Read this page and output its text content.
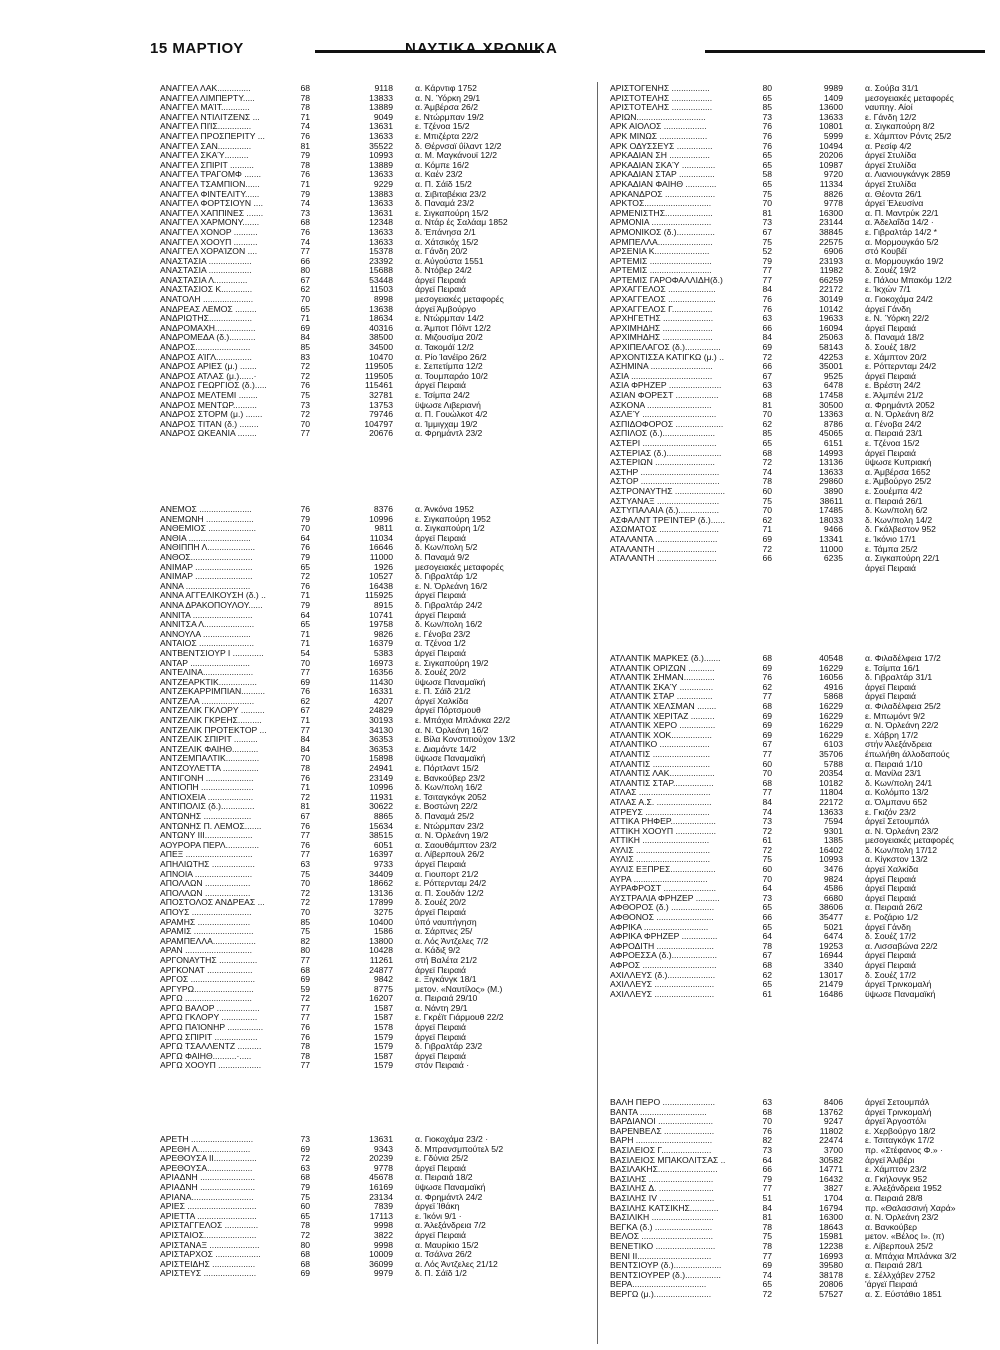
15 ΜΑΡΤΙΟΥ	ΝΑΥΤΙΚΑ ΧΡΟΝΙΚΑ
ΑΝΑΓΓΕΛ ΛΑΚ..............	68	9118	α. Κάρντιφ 1752
ΑΝΑΓΓΕΛ ΛΙΜΠΕΡΤΥ.....	78	13833	α. Ν. Ύόρκη 29/1
ΑΝΑΓΓΕΛ ΜΑΊΤ............	78	13889	α. Άμβέρσα 26/2
ΑΝΑΓΓΕΛ ΝΤΙΛΙΤΖΕΝΣ ...	71	9049	ε. Ντώρμπαν 19/2
ΑΝΑΓΓΕΛ ΠΙΊΣ..............	74	13631	ε. Τζένοα 15/2
ΑΝΑΓΓΕΛ ΠΡΟΣΠΕΡΙΤΥ ...	76	13633	ε. Μπιζέρτα 22/2
ΑΝΑΓΓΕΛ ΣΑΝ..............	81	35522	δ. Θέρνσαϊ ΰίλαντ 12/2
ΑΝΑΓΓΕΛ ΣΚΑΎ..........	79	10993	α. Μ. Μαγκάνουϊ 12/2
ΑΝΑΓΓΕΛ ΣΠΙΡΙΤ ..........	78	13889	α. Κόμπε 16/2
ΑΝΑΓΓΕΛ ΤΡΑΓΟΜΦ .......	76	13633	α. Καέν 23/2
ΑΝΑΓΓΕΛ ΤΣΑΜΠΙΟΝ......	71	9229	α. Π. Σάϊδ 15/2
ΑΝΑΓΓΕΛ ΦΙΝΤΕΛΙΤΥ......	79	13883	α. Σιβιταβέκια 23/2
ΑΝΑΓΓΕΛ ΦΟΡΤΣΙΟΥΝ ....	74	13633	δ. Παναμά 23/2
ΑΝΑΓΓΕΛ ΧΑΠΠΙΝΕΣ .......	73	13631	ε. Σιγκαπούρη 15/2
ΑΝΑΓΓΕΛ ΧΑΡΜΟΝΥ.......	68	12348	α. Ντάρ ές Σαλάαμ 1852
ΑΝΑΓΓΕΛ ΧΟΝΟΡ ..........	76	13633	δ. Έπάνησα 2/1
ΑΝΑΓΓΕΛ ΧΟΟΥΠ ..........	74	13633	α. Χάτσικόχ 15/2
ΑΝΑΓΓΕΛ ΧΟΡΑΊΖΟΝ ....	77	15378	α. Γάνδη 20/2
ΑΝΑΣΤΑΣΙΑ ..................	66	23392	α. Αύγούστα 1551
ΑΝΑΣΤΑΣΙΑ ..................	80	15688	δ. Ντόβερ 24/2
ΑΝΑΣΤΑΣΙΑ Λ..............	67	53448	άργεϊ Πειραιά
ΑΝΑΣΤΑΣΙΟΣ Κ.............	62	11503	άργεϊ Πειραιά
ΑΝΑΤΟΛΗ .....................	70	8998	μεσογειακές μεταφορές
ΑΝΔΡΕΑΣ ΛΕΜΟΣ .........	65	13638	άργεϊ Άμβούργο
ΑΝΔΡΙΩΤΗΣ..................	71	18634	ε. Ντώρμπαν 14/2
ΑΝΔΡΟΜΑΧΗ.................	69	40316	α. Άμποτ Πόϊντ 12/2
ΑΝΔΡΟΜΕΔΑ (δ.)...........	84	38500	α. Μιζουσίμα 20/2
ΑΝΔΡΟΣ.......................	85	34500	α. Τακομάϊ 12/2
ΑΝΔΡΟΣ ΑΊΓΛ...............	83	10470	α. Ρίο Ίανέϊρο 26/2
ΑΝΔΡΟΣ ΑΡΙΕΣ (μ.) .......	72	119505	ε. Σεπετίμπα 12/2
ΑΝΔΡΟΣ ΑΤΛΑΣ (μ.)......·	72	119505	α. Τουμπαράο 10/2
ΑΝΔΡΟΣ ΓΕΩΡΓΙΟΣ (δ.).....	76	115461	άργεϊ Πειραιά
ΑΝΔΡΟΣ ΜΕΛΤΕΜΙ ........	75	32781	ε. Τσίμπα 24/2
ΑΝΔΡΟΣ ΜΕΝΤΩΡ..........	73	13753	ϋψωσε Λιβεριανή
ΑΝΔΡΟΣ ΣΤΟΡΜ (μ.) .......	72	79746	α. Π. Γουώλκοτ 4/2
ΑΝΔΡΟΣ ΤΙΤΑΝ (δ.) ........	70	104797	α. Ίμμιγχαμ 19/2
ΑΝΔΡΟΣ ΩΚΕΑΝΙΑ ........	77	20676	α. Φρημάντλ 23/2
ΑΝΕΜΟΣ ......................	76	8376	α. Άνκόνα 1952
ΑΝΕΜΩΝΗ ....................	79	10996	ε. Σιγκαπούρη 1952
ΑΝΘΕΜΙΟΣ ....................	70	9811	α. Σιγκαπούρη 1/2
ΑΝΘΙΑ ..........................	64	11034	άργεϊ Πειραιά
ΑΝΘΙΠΠΗ Λ....................	76	16646	δ. Κων/πολη 5/2
ΑΝΘΟΣ..........................	79	11000	δ. Παναμά 9/2
ΑΝΙΜΑΡ ........................	65	1926	μεσογειακές μεταφορές
ΑΝΙΜΑΡ ........................	72	10527	δ. Γιβραλτάρ 1/2
ΑΝΝΑ ...........................	76	16438	ε. Ν. Όρλεάνη 16/2
ΑΝΝΑ ΑΓΓΕΛΙΚΟΥΣΗ (δ.) ..	71	115925	άργεϊ Πειραιά
ΑΝΝΑ ΔΡΑΚΟΠΟΥΛΟΥ......	79	8915	δ. Γιβραλτάρ 24/2
ΑΝΝΙΤΑ .........................	64	10741	άργεϊ Πειραιά
ΑΝΝΙΤΣΑ Λ.....................	65	19758	δ. Κων/πολη 16/2
ΑΝΝΟΥΛΑ ....................	71	9826	ε. Γένοβα 23/2
ΑΝΤΑΙΟΣ .......................	71	16379	α. Τζένοα 1/2
ΑΝΤΒΕΝΤΣΙΟΥΡ Ι .............	54	5383	άργεϊ Πειραιά
ΑΝΤΑΡ .........................	70	16973	ε. Σιγκαπούρη 19/2
ΑΝΤΕΛΙΝΑ.....................	77	16356	δ. Σουέζ 20/2
ΑΝΤΖΕΑΡΚΤΙΚ................	69	11430	ϋψωσε Παναμαϊκή
ΑΝΤΖΕΚΑΡΡΙΜΠΙΑΝ..........	76	16331	ε. Π. Σάϊδ 21/2
ΑΝΤΖΕΛΑ ......................	62	4207	άργεϊ Χαλκίδα
ΑΝΤΖΕΛΙΚ ΓΚΛΟΡΥ ..........	67	24829	άργεϊ Πόρτσμουθ
ΑΝΤΖΕΛΙΚ ΓΚΡΕΗΣ..........	71	30193	ε. Μπάχια Μπλάνκα 22/2
ΑΝΤΖΕΛΙΚ ΠΡΟΤΕΚΤΟΡ ...	77	34130	α. Ν. Όρλεάνη 16/2
ΑΝΤΖΕΛΙΚ ΣΠΙΡΙΤ ..........	84	36353	ε. Βίλα Κονστιτιούχον 13/2
ΑΝΤΖΕΛΙΚ ΦΑΙΗΘ...........	84	36353	ε. Διαμάντε 14/2
ΑΝΤΖΕΜΠΑΛΤΙΚ..............	70	15898	ϋψωσε Παναμαϊκή
ΑΝΤΖΟΥΛΕΤΤΑ ...............	78	24941	ε. Πόρτλαντ 15/2
ΑΝΤΙΓΟΝΗ ....................	76	23149	ε. Βανκούβερ 23/2
ΑΝΤΙΟΠΗ ......................	71	10996	δ. Κων/πολη 16/2
ΑΝΤΙΟΧΕΙΑ ...................	72	11931	ε. Τσιταγκόγκ 2052
ΑΝΤΙΠΟΛΙΣ (δ.)..............	81	30622	ε. Βοστώνη 22/2
ΑΝΤΩΝΗΣ ....................	67	8865	δ. Παναμά 25/2
ΑΝΤΩΝΗΣ Π. ΛΕΜΟΣ.......	76	15634	ε. Ντώρμπαν 23/2
ΑΝΤΩΝΥ ΙΙΙ....................	77	38515	α. Ν. Όρλεάνη 19/2
ΑΟΥΡΟΡΑ ΠΕΡΛ..............	76	6051	α. Σαουθάμπτον 23/2
ΑΠΕΞ ............................	77	16397	α. Λίβερπουλ 26/2
ΑΠΗΛΙΩΤΗΣ ..................	63	9733	άργεϊ Πειραιά
ΑΠΝΟΙΑ ........................	75	34409	α. Γιουπορτ 21/2
ΑΠΟΛΛΩΝ ...................	70	18662	ε. Ρόττερνταμ 24/2
ΑΠΟΛΛΩΝ ...................	72	13136	α. Π. Σουδάν 12/2
ΑΠΟΣΤΟΛΟΣ ΑΝΔΡΕΑΣ ...	72	17899	δ. Σουέζ 20/2
ΑΠΟΥΣ .........................	70	3275	άργεϊ Πειραιά
ΑΡΑΜΗΣ ......................	85	10400	ύπό ναυπήγηση
ΑΡΑΜΙΣ .........................	75	1586	α. Σάρπνες 25/
ΑΡΑΜΠΕΛΛΑ..................	82	13800	α. Λός Άντζελες 7/2
ΑΡΑΝ ............................	80	10428	α. Κάδιξ 9/2
ΑΡΓΟΝΑΥΤΗΣ ................	77	11261	στή Βαλέτα 21/2
ΑΡΓΚΟΝΑΤ ...................	68	24877	άργεϊ Πειραιά
ΑΡΓΟΣ ...........................	69	9842	ε. Ξιγκάνγκ 18/1
ΑΡΓΥΡΩ.........................	59	8775	μετον. «Ναυτίλος» (Μ.)
ΑΡΓΩ ............................	72	16207	α. Πειραιά 29/10
ΑΡΓΩ ΒΑΛΟΡ ..................	77	1587	α. Νάντη 29/1
ΑΡΓΩ ΓΚΛΟΡΥ ...............	77	1587	ε. Γκρέϊτ Γιάρμουθ 22/2
ΑΡΓΩ ΠΑΊΟΝΗΡ ...............	76	1578	άργεϊ Πειραιά
ΑΡΓΩ ΣΠΙΡΙΤ ..................	76	1579	άργεϊ Πειραιά
ΑΡΓΩ ΤΣΑΛΛΕΝΤΖ ..........	78	1579	δ. Γιβραλτάρ 23/2
ΑΡΓΩ ΦΑΙΗΘ..........·.....	78	1587	άργεϊ Πειραιά
ΑΡΓΩ ΧΟΟΥΠ ..................	77	1579	στόν Πειραιά ·
ΑΡΕΤΗ ..........................	73	13631	α. Γιοκοχάμα 23/2 ·
ΑΡΕΘΗ Λ......................	69	9343	δ. Μπρανσμπούτελ 5/2
ΑΡΕΘΟΥΣΑ ΙΙ..................	72	20239	ε. Γδύνια 25/2
ΑΡΕΘΟΥΣΑ...................	63	9778	άργεϊ Πειραιά
ΑΡΙΑΔΝΗ .......................	68	45678	α. Πειραιά 18/2
ΑΡΙΑΔΝΗ .......................	79	16169	ϋψωσε Παναμαϊκή
ΑΡΙΑΝΑ..........................	75	23134	α. Φρημάντλ 24/2
ΑΡΙΕΣ .............................	60	7839	άργεϊ Ίθάκη
ΑΡΙΕΤΤΑ .........................	65	17113	ε. Ίκόνι 9/1 ·
ΑΡΙΣΤΑΓΓΕΛΟΣ ..............	78	9998	α. Άλεξάνδρεια 7/2
ΑΡΙΣΤΑΙΟΣ......................	72	3822	άργεϊ Πειραιά
ΑΡΙΣΤΑΝΑΞ .....................	80	9998	α. Μαυρίκιο 15/2
ΑΡΙΣΤΑΡΧΟΣ ...................	68	10009	α. Τσάλνα 26/2
ΑΡΙΣΤΕΙΔΗΣ ..................	68	36099	α. Λός Άντζελες 21/12
ΑΡΙΣΤΕΥΣ ......................	69	9979	δ. Π. Σάϊδ 1/2
ΑΡΙΣΤΟΓΕΝΗΣ ................	80	9989	α. Σούβα 31/1
ΑΡΙΣΤΟΤΕΛΗΣ .................	65	1409	μεσογειακές μεταφορές
ΑΡΙΣΤΟΤΕΛΗΣ .................	85	13600	ναυπηγ. Αίοί
ΑΡΙΩΝ.............................	73	13633	ε. Γάνδη 12/2
ΑΡΚ ΑΙΟΛΟΣ ..................	76	10801	α. Σιγκαπούρη 8/2
ΑΡΚ ΜΙΝΩΣ ....................	76	5999	ε. Χάμπτον Ρόντς 25/2
ΑΡΚ ΟΔΥΣΣΕΥΣ ...............	76	10494	α. Ρεσίφ 4/2
ΑΡΚΑΔΙΑΝ ΣΗ .................	65	20206	άργεϊ Στυλίδα
ΑΡΚΑΔΙΑΝ ΣΚΑΎ ..............	65	10987	άργεϊ Στυλίδα
ΑΡΚΑΔΙΑΝ ΣΤΑΡ ...............	58	9720	α. Λιανιουγκάνγκ 2859
ΑΡΚΑΔΙΑΝ ΦΑΙΗΘ .............	65	11334	άργεϊ Στυλίδα
ΑΡΚΑΝΔΡΟΣ .....................	75	8826	α. Θέοντα 26/1
ΑΡΚΤΟΣ............................	70	9778	άργεϊ Έλευσίνα
ΑΡΜΕΝΙΣΤΗΣ....................	81	16300	α. Π. Μαντρύκ 22/1
ΑΡΜΟΝΙΑ .........................	73	23144	α. Άδελαΐδα 14/2 ·
ΑΡΜΟΝΙΚΟΣ (δ.)................	67	38845	ε. Γιβραλτάρ 14/2 *
ΑΡΜΠΕΛΛΑ.......................	75	22575	α. Μορμουγκάο 5/2
ΑΡΣΕΝΙΑ Κ.......................	52	6906	στό Κουβέϊ
ΑΡΤΕΜΙΣ ..........................	79	23193	α. Μορμουγκάο 19/2
ΑΡΤΕΜΙΣ ..........................	77	11982	δ. Σουέζ 19/2
ΑΡΤΕΜΙΣ ΓΑΡΟΦΑΛΛΙΔΗ(δ.)	77	66259	ε. Πάλου Μπακόμ 12/2
ΑΡΧΑΓΓΕΛΟΣ ....................	84	22172	ε. Ίκχών 7/1
ΑΡΧΑΓΓΕΛΟΣ ....................	76	30149	α. Γιοκοχάμα 24/2
ΑΡΧΑΓΓΕΛΟΣ Γ.................	76	10142	άργεϊ Γάνδη
ΑΡΧΗΓΕΤΗΣ .....................	63	19633	ε. Ν. Ύόρκη 22/2
ΑΡΧΙΜΗΔΗΣ .....................	66	16094	άργεϊ Πειραιά
ΑΡΧΙΜΗΔΗΣ .....................	84	25063	δ. Παναμά 18/2
ΑΡΧΙΠΕΛΑΓΟΣ (δ.)...............	69	58143	δ. Σουέζ 18/2
ΑΡΧΟΝΤΙΣΣΑ ΚΑΤΙΓΚΩ (μ.) ..	72	42253	ε. Χάμπτον 20/2
ΑΣΗΜΙΝΑ ..........................	66	35001	ε. Ρόττερνταμ 24/2
ΑΣΙΑ ..................................	67	9525	άργεϊ Πειραιά
ΑΣΙΑ ΦΡΗΖΕΡ ......................	63	6478	ε. Βρέστη 24/2
ΑΣΙΑΝ ΦΟΡΕΣΤ ..................	68	17458	ε. Άλμπένι 21/2
ΑΣΚΟΝΑ ...........................	81	30500	α. Φρημάντλ 2052
ΑΣΛΕΎ ...............................	70	13363	α. Ν. Όρλεάνη 8/2
ΑΣΠΙΔΟΦΟΡΟΣ ....................	62	8786	α. Γένοβα 24/2
ΑΣΠΙΛΟΣ (δ.)......................	85	45065	α. Πειραιά 23/1
ΑΣΤΕΡΙ ...............................	65	6151	ε. Τζένοα 15/2
ΑΣΤΕΡΙΑΣ (δ.).......................	68	14993	άργεϊ Πειραιά
ΑΣΤΕΡΙΩΝ .........................	72	13136	ϋψωσε Κυπριακή
ΑΣΤΗΡ .................................	74	13633	α. Άμβέρσα 1652
ΑΣΤΟΡ .................................	78	29860	ε. Άμβούργο 25/2
ΑΣΤΡΟΝΑΥΤΗΣ .....................	60	3890	ε. Σουέμπα 4/2
ΑΣΤΥΑΝΑΞ ..........................	75	38611	α. Πειραιά 26/1
ΑΣΤΥΠΑΛΑΙΑ (δ.).................	70	17485	δ. Κων/πολη 6/2
ΑΣΦΑΛΝΤ ΤΡΕΊΝΤΕΡ (δ.)......	62	18033	δ. Κων/πολη 14/2
ΑΣΩΜΑΤΟΣ .........................	71	9466	δ. Γκάλβεστον 952
ΑΤΑΛΑΝΤΑ ..........................	69	13341	ε. Ίκόνιο 17/1
ΑΤΑΛΑΝΤΗ .........................	72	11000	ε. Τάμπα 25/2
ΑΤΑΛΑΝΤΗ .........................	66	6235	α. Σιγκαπούρη 22/1
άργεϊ Πειραιά
ΑΤΛΑΝΤΙΚ ΜΑΡΚΕΣ (δ.).......	68	40548	α. Φιλαδέλφεια 17/2
ΑΤΛΑΝΤΙΚ ΟΡΙΖΩΝ ...........	69	16229	ε. Τσίμπα 16/1
ΑΤΛΑΝΤΙΚ ΣΗΜΑΝ.............	76	16056	δ. Γιβραλτάρ 31/1
ΑΤΛΑΝΤΙΚ ΣΚΑΎ ..............	62	4916	άργεϊ Πειραιά
ΑΤΛΑΝΤΙΚ ΣΤΑΡ ...............	77	5868	άργεϊ Πειραιά
ΑΤΛΑΝΤΙΚ ΧΕΛΣΜΑΝ ........	68	16229	α. Φιλαδέλφεια 25/2
ΑΤΛΑΝΤΙΚ ΧΕΡΙΤΑΖ ..........	69	16229	ε. Μπωμόντ 9/2
ΑΤΛΑΝΤΙΚ ΧΕΡΟ ...............	69	16229	α. Ν. Όρλεάνη 22/2
ΑΤΛΑΝΤΙΚ ΧΟΚ.................	69	16229	ε. Χάβρη 17/2
ΑΤΛΑΝΤΙΚΟ .....................	67	6103	στήν Άλεξάνδρεια
ΑΤΛΑΝΤΙΣ ........................	77	35706	έπωλήθη άλλοδαπούς
ΑΤΛΑΝΤΙΣ ........................	60	5788	α. Πειραιά 1/10
ΑΤΛΑΝΤΙΣ ΛΑΚ...................	70	20354	α. Μανίλα 23/1
ΑΤΛΑΝΤΙΣ ΣΤΑΡ.................	68	10182	δ. Κων/πολη 24/1
ΑΤΛΑΣ ..............................	77	11804	α. Κολόμπο 13/2
ΑΤΛΑΣ Α.Σ. .......................	84	22172	α. Όλμπανυ 652
ΑΤΡΕΥΣ ...........................	74	13633	ε. Γκιζόν 23/2
ΑΤΤΙΚΑ ΡΗΦΕΡ...................	73	7594	άργεϊ Σετουμπάλ
ΑΤΤΙΚΗ ΧΟΟΥΠ .................	72	9301	α. Ν. Όρλεάνη 23/2
ΑΤΤΙΚΗ ............................	61	1385	μεσογειακές μεταφορές
ΑΥΛΙΣ ...............................	72	16402	δ. Κων/πολη 17/12
ΑΥΛΙΣ ...............................	75	10993	α. Κίγκστον 13/2
ΑΥΛΙΣ ΕΞΠΡΕΣ...................	60	3476	άργεϊ Χαλκίδα
ΑΥΡΑ ...............................	70	9824	άργεϊ Πειραιά
ΑΥΡΑΦΡΟΣΤ ......................	64	4586	άργεϊ Πειραιά
ΑΥΣΤΡΑΛΙΑ ΦΡΗΖΕΡ ..........	73	6680	άργεϊ Πειραιά
ΑΦΘΟΡΟΣ (δ.) ..................	65	38606	α. Πειραιά 26/2
ΑΦΘΟΝΟΣ ........................	66	35477	ε. Ροζάριο 1/2
ΑΦΡΙΚΑ ...........................	65	5021	άργεϊ Γάνδη
ΑΦΡΙΚΑ ΦΡΗΖΕΡ ...............	64	6474	δ. Σουέζ 17/2
ΑΦΡΟΔΙΤΗ ........................	78	19253	α. Λισσαβώνα 22/2
ΑΦΡΟΕΣΣΑ (δ.)...................	67	16944	άργεϊ Πειραιά
ΑΦΡΟΣ ...............................	68	3340	άργεϊ Πειραιά
ΑΧΙΛΛΕΥΣ (δ.)....................	62	13017	δ. Σουέζ 17/2
ΑΧΙΛΛΕΥΣ .........................	65	21479	άργεϊ Τρινκομαλή
ΑΧΙΛΛΕΥΣ .........................	61	16486	ϋψωσε Παναμαϊκή
ΒΑΛΗ ΠΕΡΟ ......................	63	8406	άργεϊ Σετουμπάλ
ΒΑΝΤΑ ............................	68	13762	άργεϊ Τρινκομαλή
ΒΑΡΔΙΑΝΟΙ .......................	70	9247	άργεϊ Άργοστόλι
ΒΑΡΕΝΒΕΛΣ .....................	76	11802	ε. Χερβούργο 18/2
ΒΑΡΗ ................................	82	22474	ε. Τσιταγκόγκ 17/2
ΒΑΣΙΛΕΙΟΣ Γ.....................	73	3700	πρ. «Στέφανος Φ.» ·
ΒΑΣΙΛΕΙΟΣ ΜΠΑΚΟΛΙΤΣΑΣ ..	64	30582	άργεϊ Άλιβέρι
ΒΑΣΙΛΑΚΗΣ.........................	66	14771	ε. Χάμπτον 23/2
ΒΑΣΙΛΗΣ ...........................	79	16432	α. Γκήλονγκ 952
ΒΑΣΙΛΗΣ Δ. .......................	77	3827	ε. Άλεξάνδρεια 1952
ΒΑΣΙΛΗΣ ΙV .......................	51	1704	α. Πειραιά 28/8
ΒΑΣΙΛΗΣ ΚΑΤΣΙΚΗΣ............	84	16794	πρ. «Θαλασσινή Χαρά»
ΒΑΣΙΛΙΚΗ ..........................	81	16300	α. Ν. Όρλεάνη 23/2
ΒΕΓΚΑ (δ.) ........................	78	18643	α. Βανκούβερ
ΒΕΛΟΣ ..............................	75	15981	μετον. «Βέλος Ι». (π)
ΒΕΝΕΤΙΚΟ .........................	78	12238	ε. Λίβερπουλ 25/2
ΒΕΝΙ ΙΙ...............................	77	16993	α. Μπάχια Μπλάνκα 3/2
ΒΕΝΤΣΙΟΥΡ (δ.)....................	69	39580	α. Πειραιά 28/1
ΒΕΝΤΣΙΟΥΡΕΡ (δ.)...............	74	38178	ε. Σέλλχάβεν 2752
ΒΕΡΑ...............................	65	20806	'άργεϊ Πειραιά
ΒΕΡΓΩ (μ.)........................	72	57527	α. Σ. Εύστάθιο 1851
